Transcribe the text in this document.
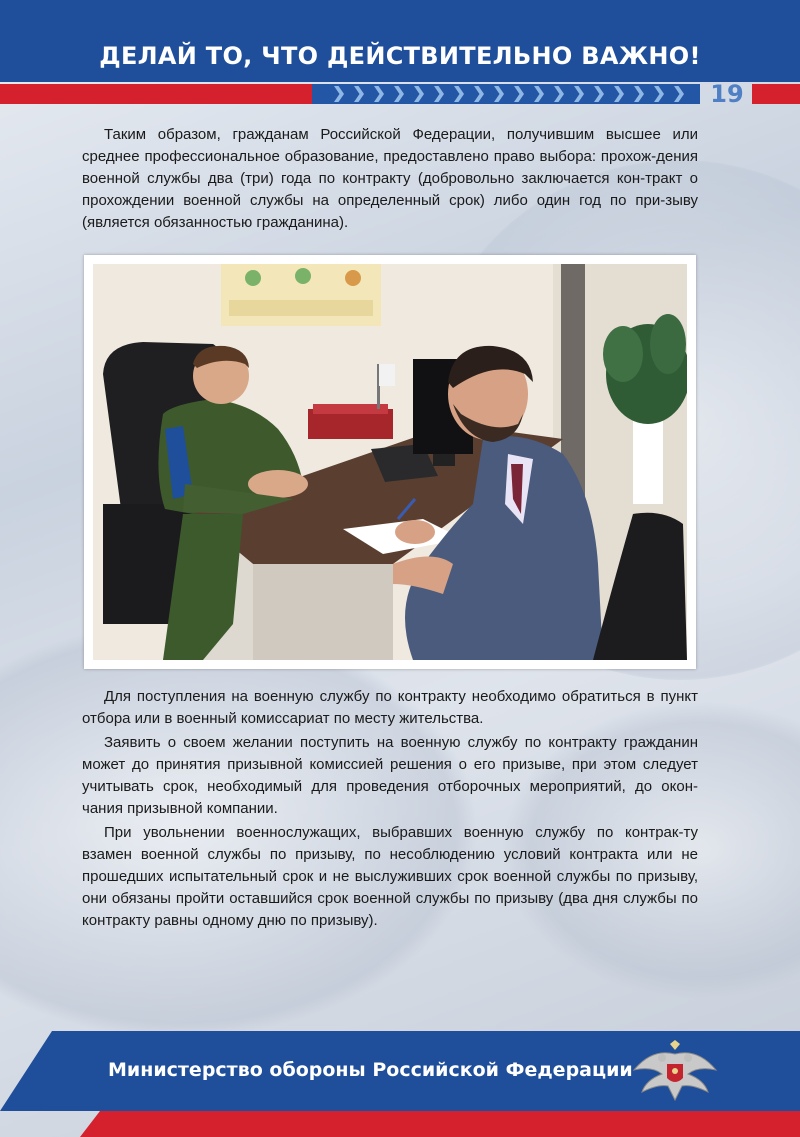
ДЕЛАЙ ТО, ЧТО ДЕЙСТВИТЕЛЬНО ВАЖНО!
19

Таким образом, гражданам Российской Федерации, получившим высшее или среднее профессиональное образование, предоставлено право выбора: прохож-дения военной службы два (три) года по контракту (добровольно заключается кон-тракт о прохождении военной службы на определенный срок) либо один год по при-зыву (является обязанностью гражданина).

Для поступления на военную службу по контракту необходимо обратиться в пункт отбора или в военный комиссариат по месту жительства.

Заявить о своем желании поступить на военную службу по контракту гражданин может до принятия призывной комиссией решения о его призыве, при этом следует учитывать срок, необходимый для проведения отборочных мероприятий, до окон-чания призывной компании.

При увольнении военнослужащих, выбравших военную службу по контрак-ту взамен военной службы по призыву, по несоблюдению условий контракта или не прошедших испытательный срок и не выслуживших срок военной службы по призыву, они обязаны пройти оставшийся срок военной службы по призыву (два дня службы по контракту равны одному дню по призыву).

Министерство обороны Российской Федерации
